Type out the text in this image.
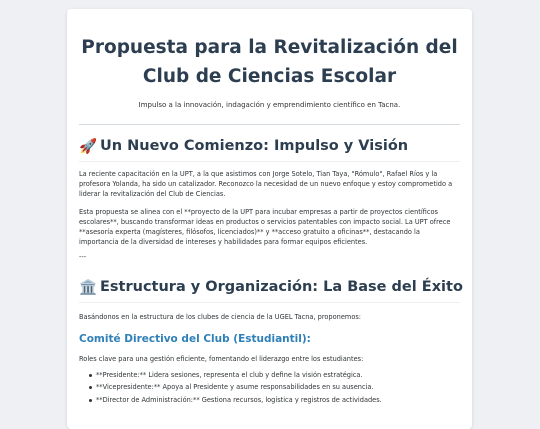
Propuesta para la Revitalización del Club de Ciencias Escolar
Impulso a la innovación, indagación y emprendimiento científico en Tacna.
🚀 Un Nuevo Comienzo: Impulso y Visión

La reciente capacitación en la UPT, a la que asistimos con Jorge Sotelo, Tian Taya, "Rómulo", Rafael Ríos y la profesora Yolanda, ha sido un catalizador. Reconozco la necesidad de un nuevo enfoque y estoy comprometido a liderar la revitalización del Club de Ciencias.

Esta propuesta se alinea con el **proyecto de la UPT para incubar empresas a partir de proyectos científicos escolares**, buscando transformar ideas en productos o servicios patentables con impacto social. La UPT ofrece **asesoría experta (magísteres, filósofos, licenciados)** y **acceso gratuito a oficinas**, destacando la importancia de la diversidad de intereses y habilidades para formar equipos eficientes.

---
🏛️ Estructura y Organización: La Base del Éxito

Basándonos en la estructura de los clubes de ciencia de la UGEL Tacna, proponemos:

Comité Directivo del Club (Estudiantil):

Roles clave para una gestión eficiente, fomentando el liderazgo entre los estudiantes:

**Presidente:** Lidera sesiones, representa el club y define la visión estratégica.
**Vicepresidente:** Apoya al Presidente y asume responsabilidades en su ausencia.
**Director de Administración:** Gestiona recursos, logística y registros de actividades.
